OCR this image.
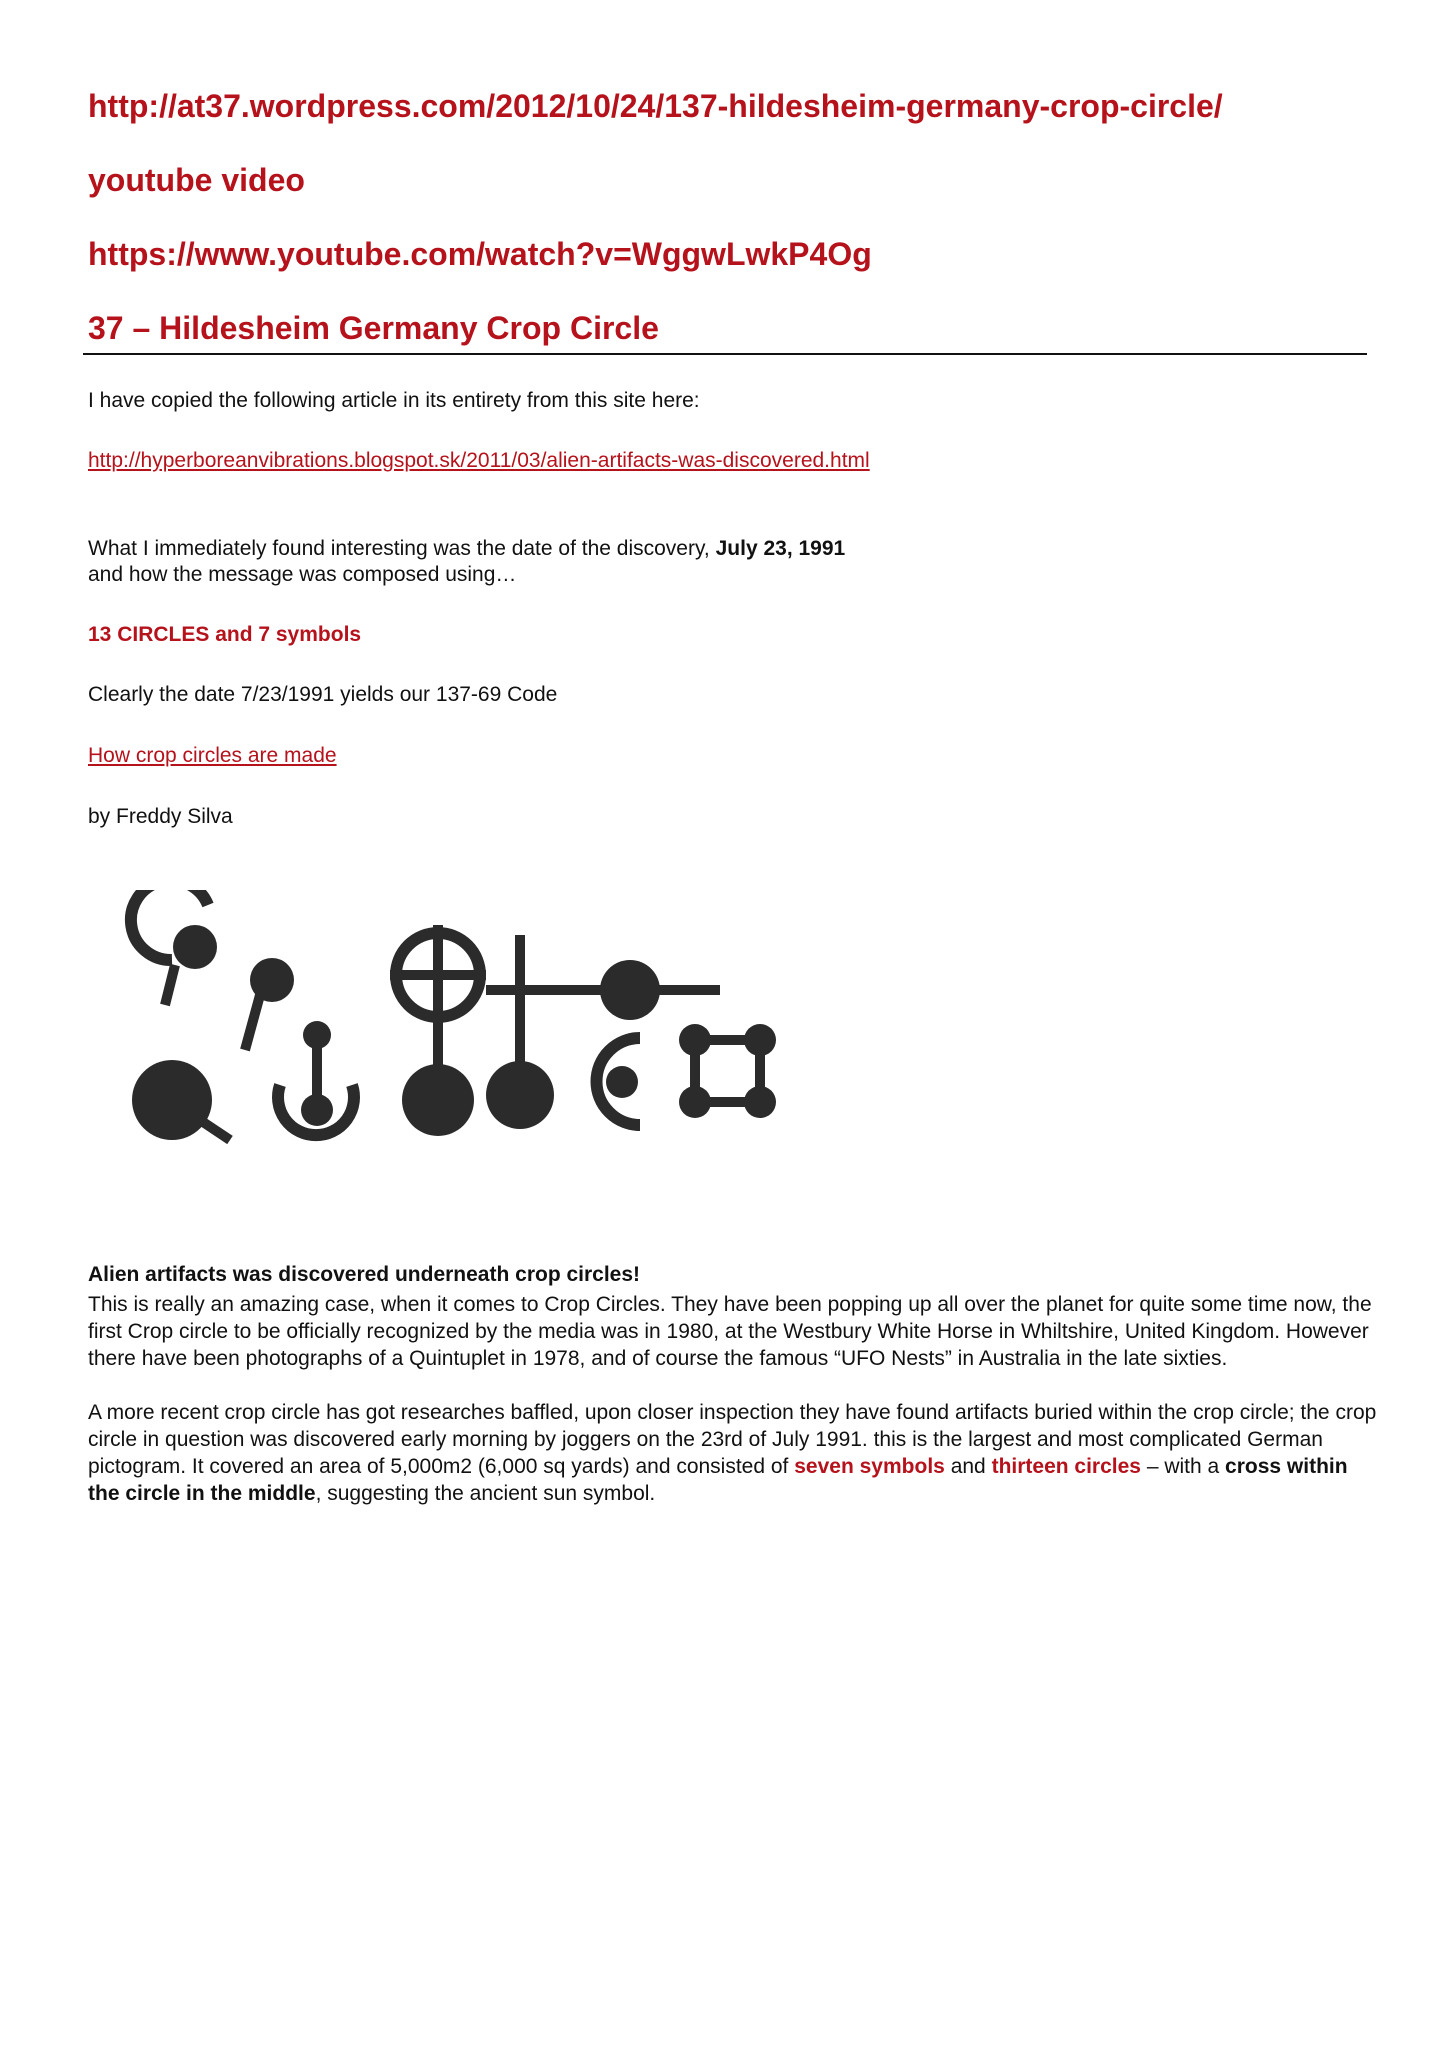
http://at37.wordpress.com/2012/10/24/137-hildesheim-germany-crop-circle/

youtube video

https://www.youtube.com/watch?v=WggwLwkP4Og
37 – Hildesheim Germany Crop Circle

I have copied the following article in its entirety from this site here:

http://hyperboreanvibrations.blogspot.sk/2011/03/alien-artifacts-was-discovered.html

What I immediately found interesting was the date of the discovery, July 23, 1991

and how the message was composed using…

13 CIRCLES and 7 symbols

Clearly the date 7/23/1991 yields our 137-69 Code

How crop circles are made

by Freddy Silva

Alien artifacts was discovered underneath crop circles!

This is really an amazing case, when it comes to Crop Circles. They have been popping up all over the planet for quite some time now, the first Crop circle to be officially recognized by the media was in 1980, at the Westbury White Horse in Whiltshire, United Kingdom. However there have been photographs of a Quintuplet in 1978, and of course the famous “UFO Nests” in Australia in the late sixties.

A more recent crop circle has got researches baffled, upon closer inspection they have found artifacts buried within the crop circle; the crop circle in question was discovered early morning by joggers on the 23rd of July 1991. this is the largest and most complicated German pictogram. It covered an area of 5,000m2 (6,000 sq yards) and consisted of seven symbols and thirteen circles – with a cross within the circle in the middle, suggesting the ancient sun symbol.
